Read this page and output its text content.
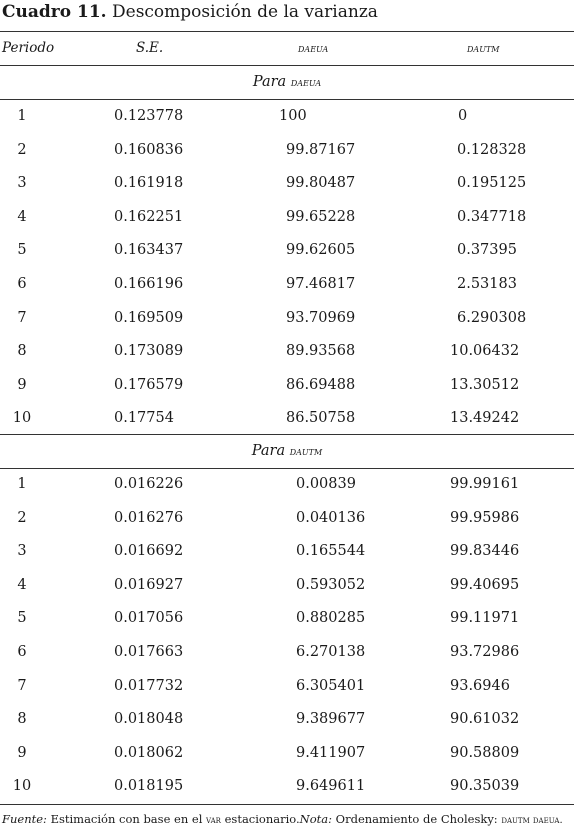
Cuadro 11. Descomposición de la varianza
Periodo	S.E.	daeua	dautm
Para daeua
1	0.123778	100	0
2	0.160836	99.87167	0.128328
3	0.161918	99.80487	0.195125
4	0.162251	99.65228	0.347718
5	0.163437	99.62605	0.37395
6	0.166196	97.46817	2.53183
7	0.169509	93.70969	6.290308
8	0.173089	89.93568	10.06432
9	0.176579	86.69488	13.30512
10	0.17754	86.50758	13.49242
Para dautm
1	0.016226	0.00839	99.99161
2	0.016276	0.040136	99.95986
3	0.016692	0.165544	99.83446
4	0.016927	0.593052	99.40695
5	0.017056	0.880285	99.11971
6	0.017663	6.270138	93.72986
7	0.017732	6.305401	93.6946
8	0.018048	9.389677	90.61032
9	0.018062	9.411907	90.58809
10	0.018195	9.649611	90.35039
Fuente: Estimación con base en el var estacionario.Nota: Ordenamiento de Cholesky: dautm daeua.
